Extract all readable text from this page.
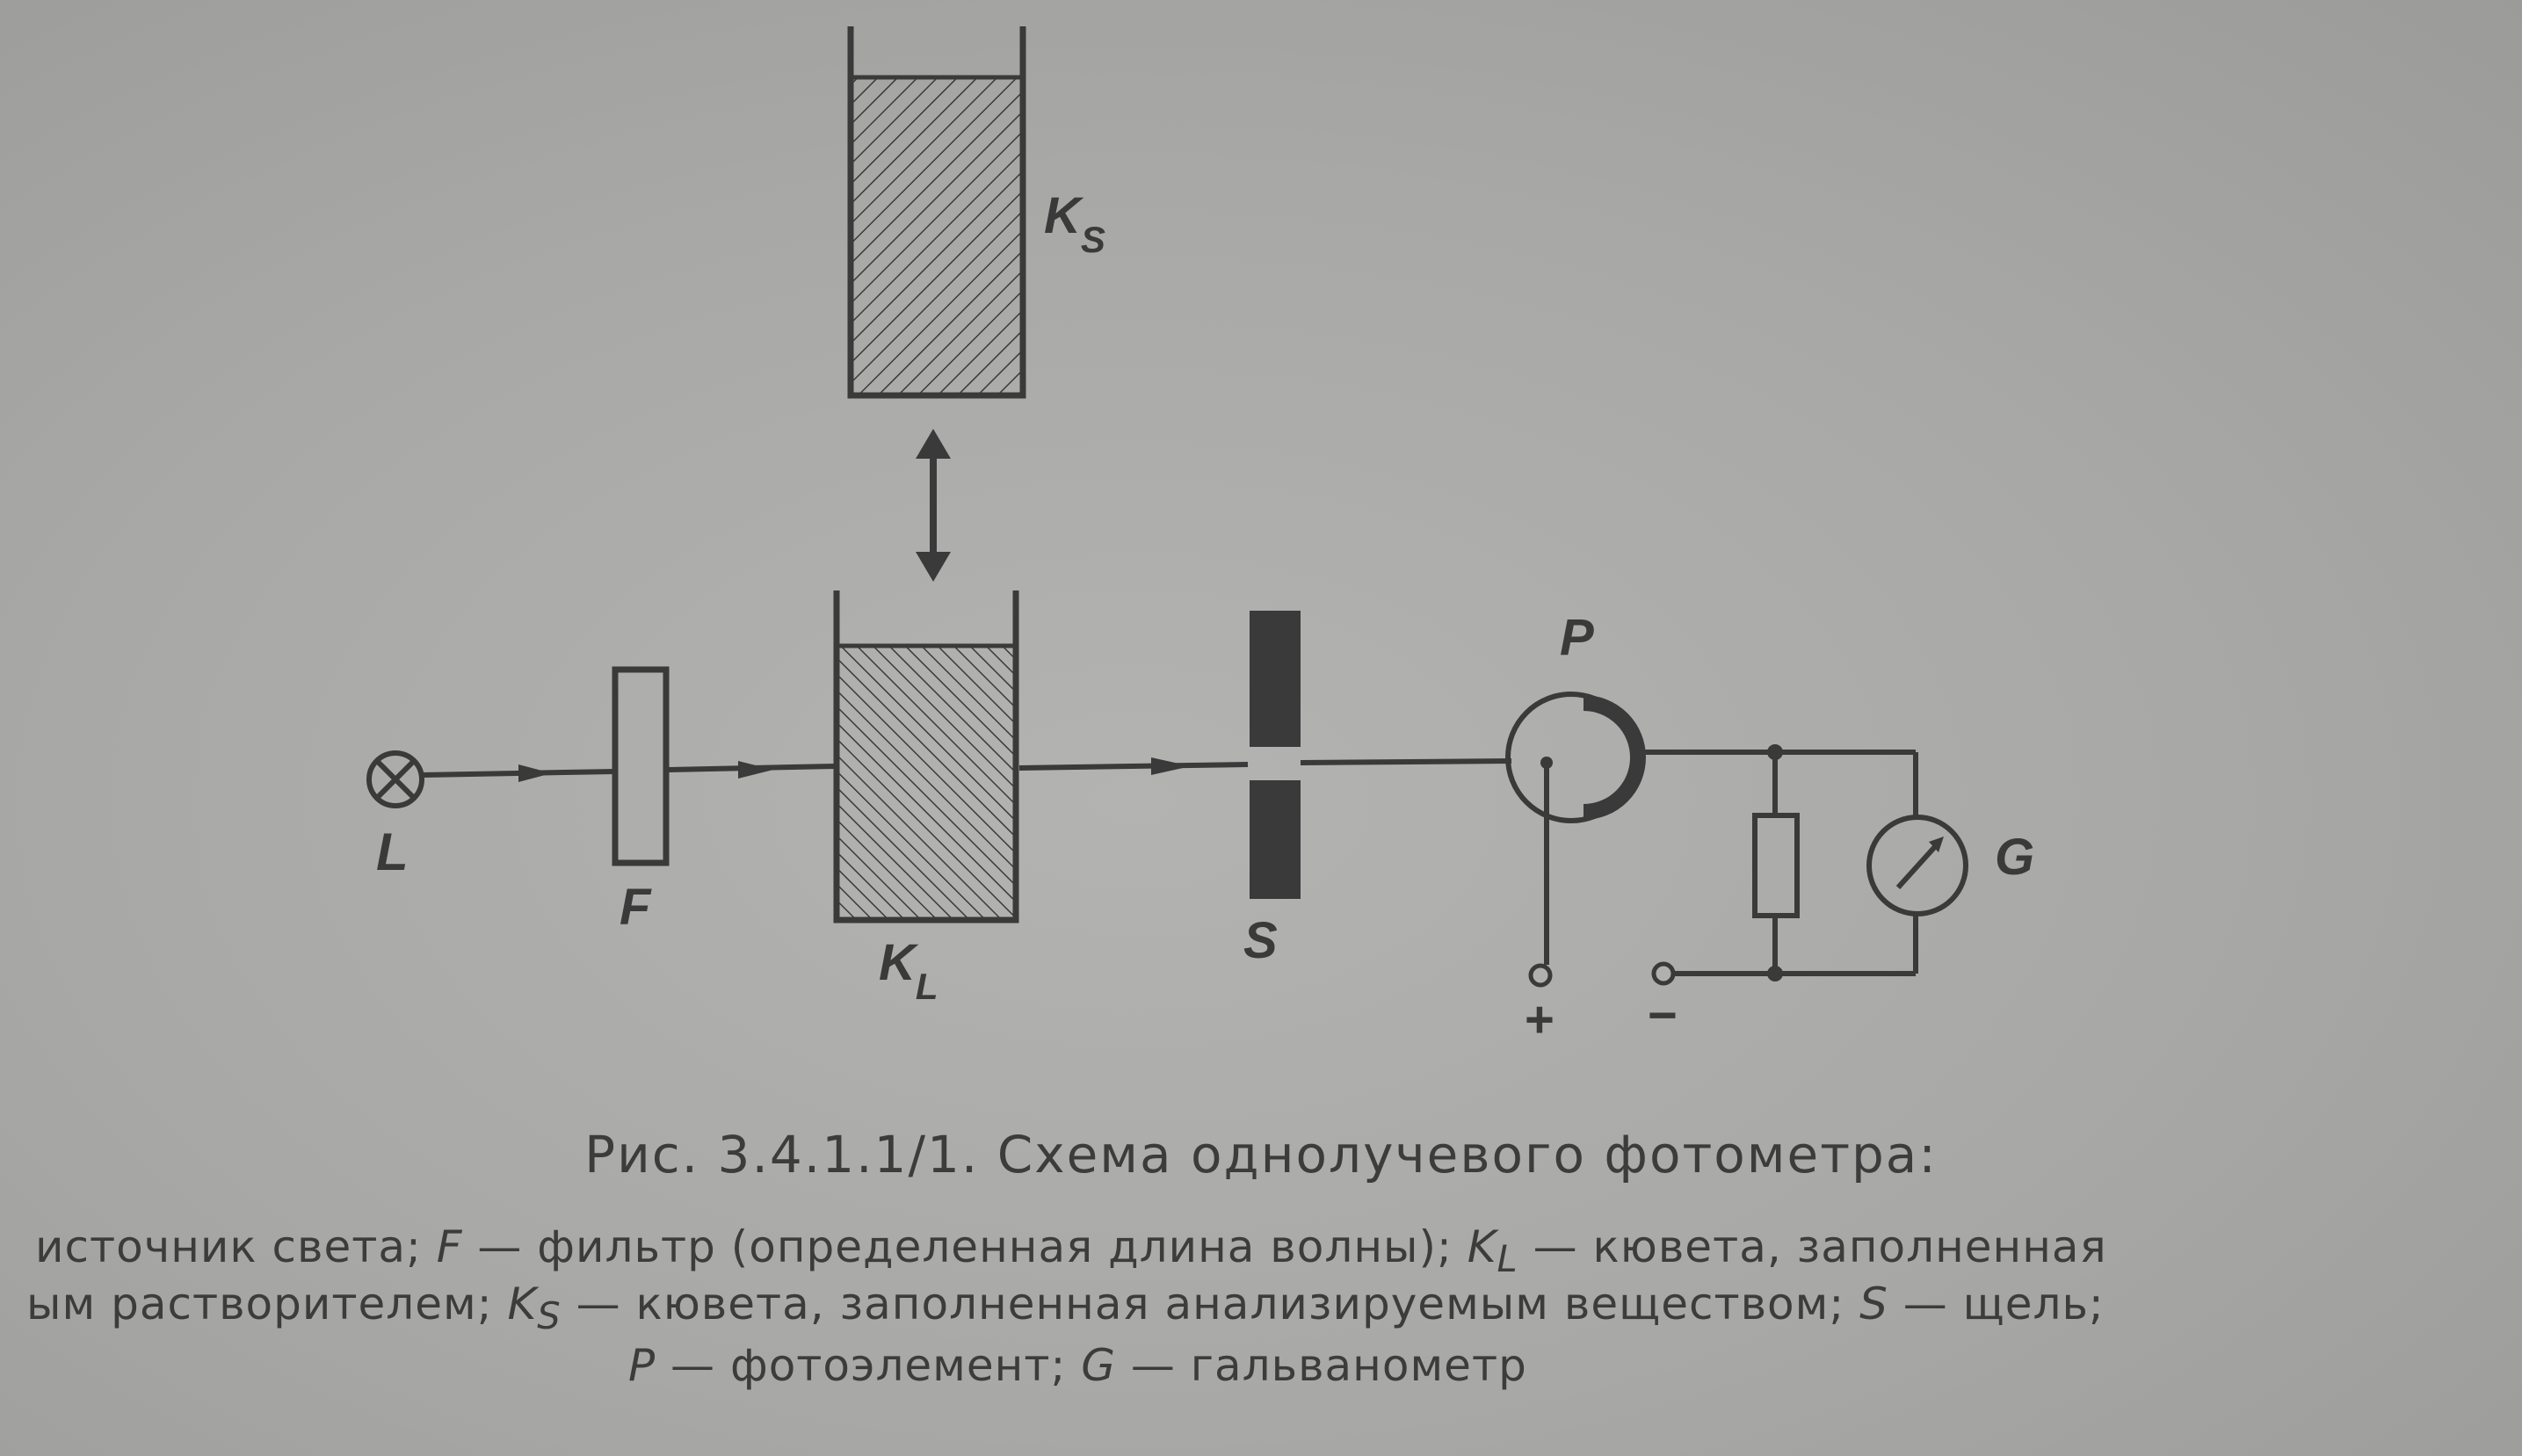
L
F
$K_L$
$K_S$
S
P
G
+ −
Рис. 3.4.1.1/1. Схема однолучевого фотометра:
источник света; F — фильтр (определенная длина волны); $K_L$ — кювета, заполненная
ым растворителем; $K_S$ — кювета, заполненная анализируемым веществом; S — щель;
P — фотоэлемент; G — гальванометр
